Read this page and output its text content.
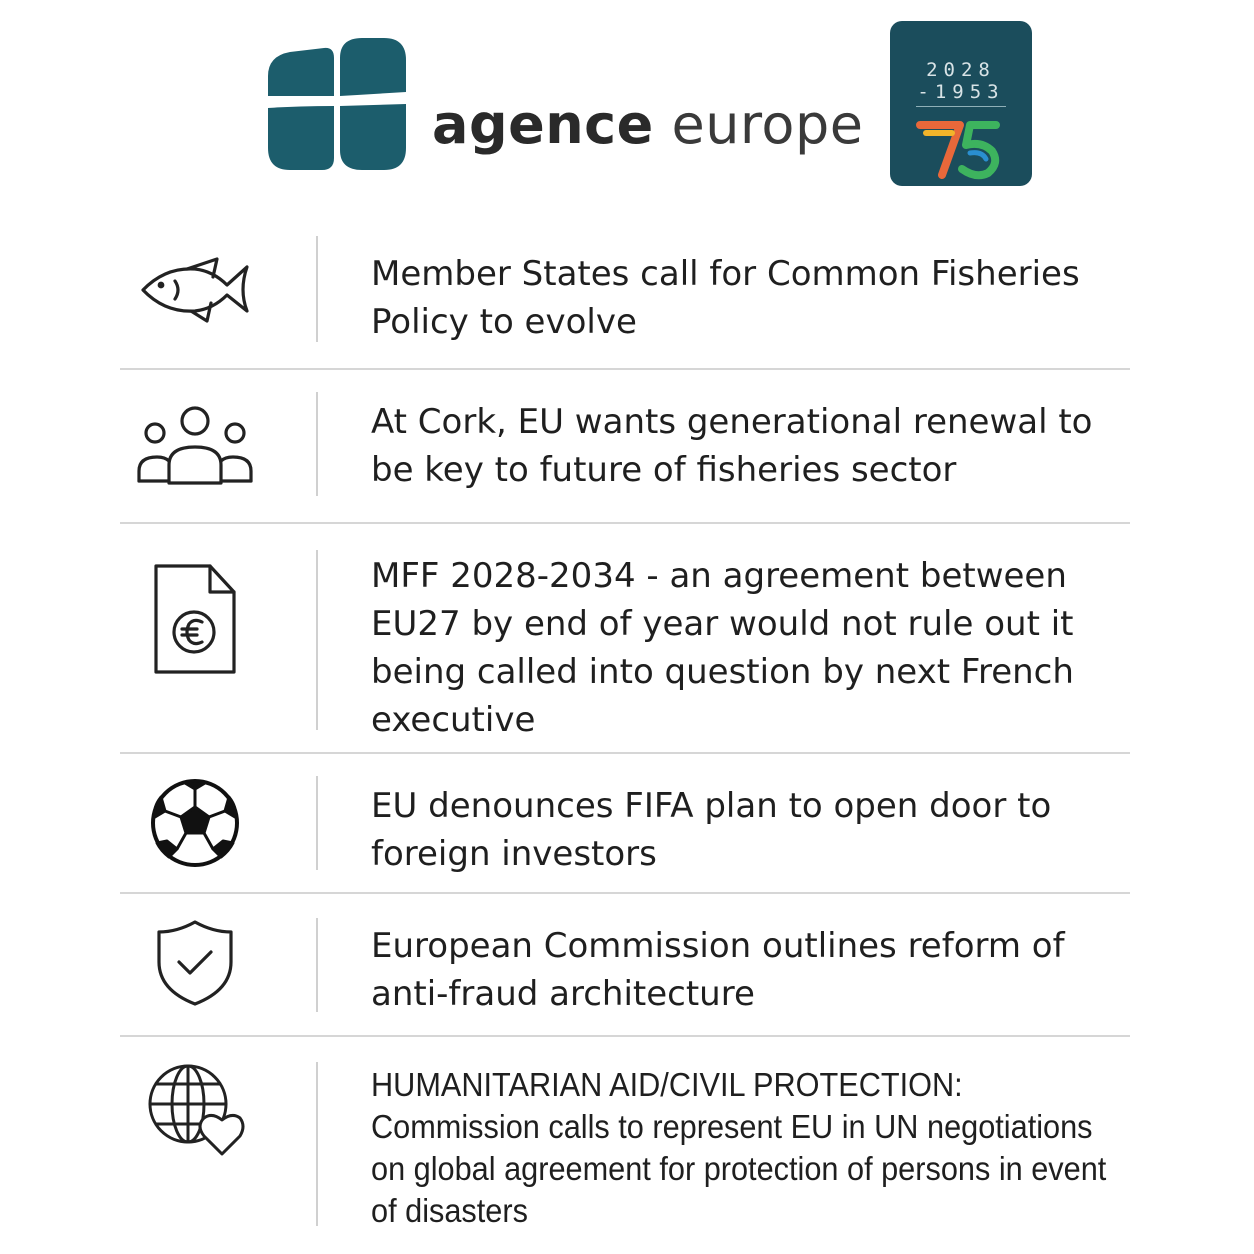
agence europe
2028
-1953
75

Member States call for Common Fisheries Policy to evolve

At Cork, EU wants generational renewal to be key to future of fisheries sector

MFF 2028-2034 - an agreement between EU27 by end of year would not rule out it being called into question by next French executive

EU denounces FIFA plan to open door to foreign investors

European Commission outlines reform of anti-fraud architecture

HUMANITARIAN AID/CIVIL PROTECTION: Commission calls to represent EU in UN negotiations on global agreement for protection of persons in event of disasters
